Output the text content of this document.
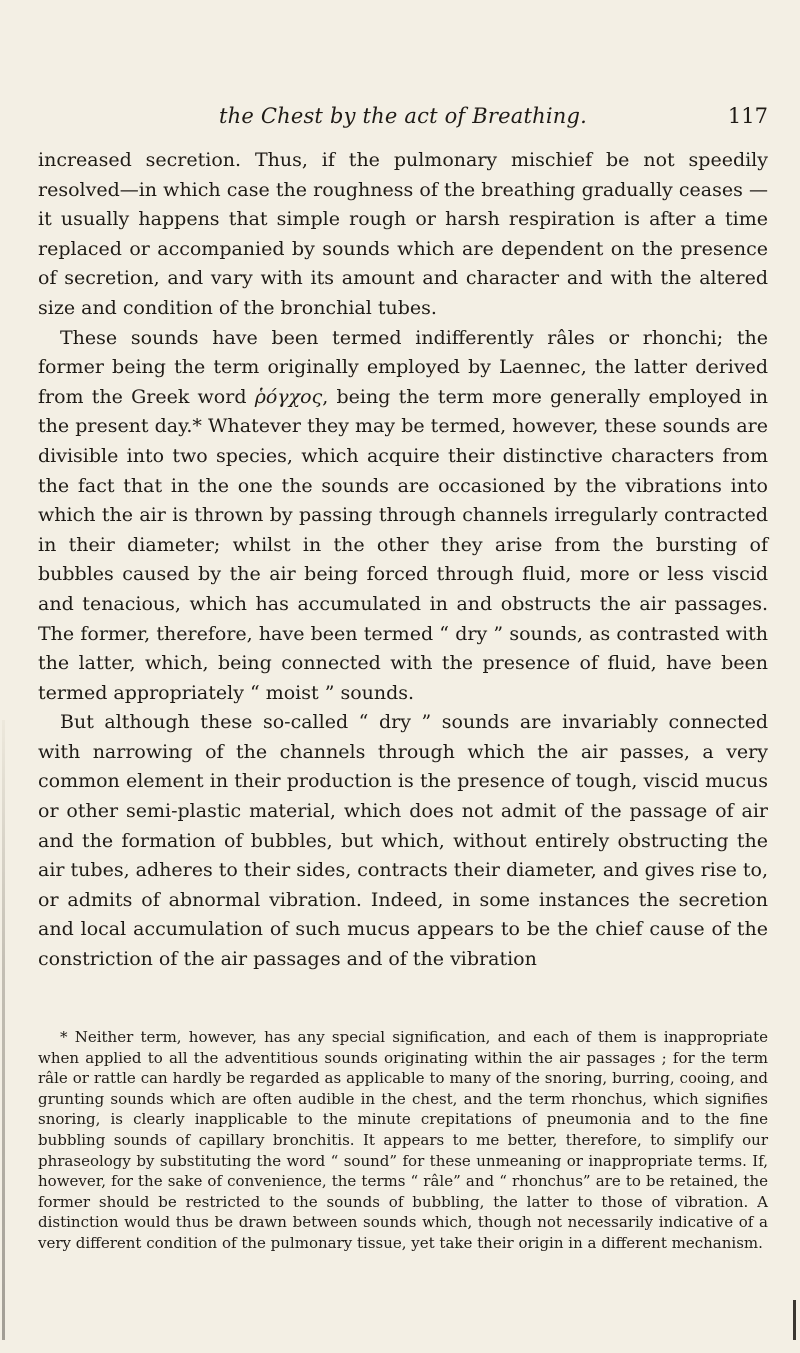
the Chest by the act of Breathing.	117

increased secretion. Thus, if the pulmonary mischief be not speedily resolved—in which case the roughness of the breathing gradually ceases —it usually happens that simple rough or harsh respiration is after a time replaced or accompanied by sounds which are dependent on the presence of secretion, and vary with its amount and character and with the altered size and condition of the bronchial tubes.

These sounds have been termed indifferently râles or rhonchi; the former being the term originally employed by Laennec, the latter derived from the Greek word ῥόγχος, being the term more generally employed in the present day.* Whatever they may be termed, however, these sounds are divisible into two species, which acquire their distinctive characters from the fact that in the one the sounds are occasioned by the vibrations into which the air is thrown by passing through channels irregularly contracted in their diameter; whilst in the other they arise from the bursting of bubbles caused by the air being forced through fluid, more or less viscid and tenacious, which has accumulated in and obstructs the air passages. The former, therefore, have been termed “ dry ” sounds, as contrasted with the latter, which, being connected with the presence of fluid, have been termed appropriately “ moist ” sounds.

But although these so-called “ dry ” sounds are invariably connected with narrowing of the channels through which the air passes, a very common element in their production is the presence of tough, viscid mucus or other semi-plastic material, which does not admit of the passage of air and the formation of bubbles, but which, without entirely obstructing the air tubes, adheres to their sides, contracts their diameter, and gives rise to, or admits of abnormal vibration. Indeed, in some instances the secretion and local accumulation of such mucus appears to be the chief cause of the constriction of the air passages and of the vibration

* Neither term, however, has any special signification, and each of them is inappropriate when applied to all the adventitious sounds originating within the air passages ; for the term râle or rattle can hardly be regarded as applicable to many of the snoring, burring, cooing, and grunting sounds which are often audible in the chest, and the term rhonchus, which signifies snoring, is clearly inapplicable to the minute crepitations of pneumonia and to the fine bubbling sounds of capillary bronchitis. It appears to me better, therefore, to simplify our phraseology by substituting the word “ sound” for these unmeaning or inappropriate terms. If, however, for the sake of convenience, the terms “ râle” and “ rhonchus” are to be retained, the former should be restricted to the sounds of bubbling, the latter to those of vibration. A distinction would thus be drawn between sounds which, though not necessarily indicative of a very different condition of the pulmonary tissue, yet take their origin in a different mechanism.
